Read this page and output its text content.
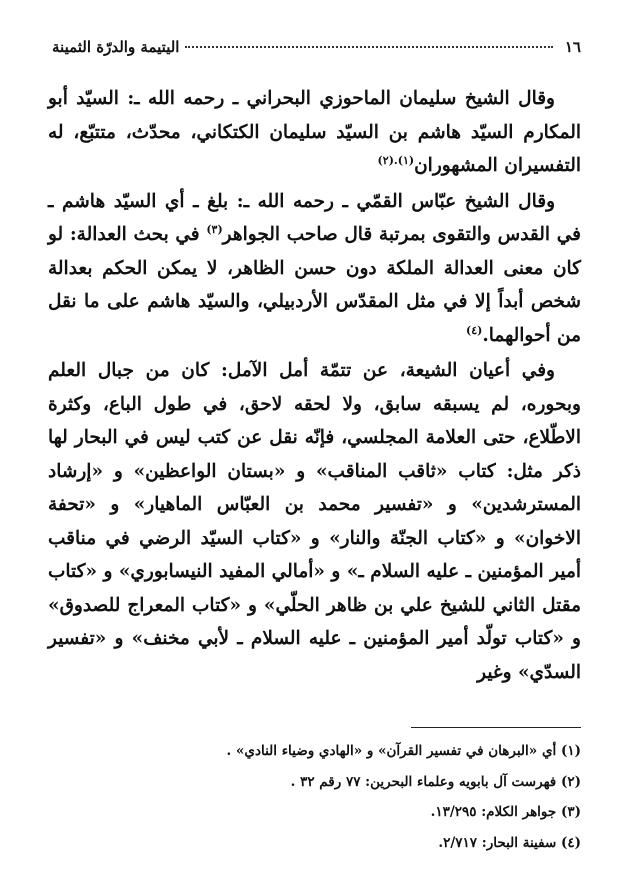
١٦
اليتيمة والدرّة الثمينة

وقال الشيخ سليمان الماحوزي البحراني ـ رحمه الله ـ: السيّد أبو المكارم السيّد هاشم بن السيّد سليمان الكتكاني، محدّث، متتبّع، له التفسيران المشهوران$^{(١).(٢)}$

وقال الشيخ عبّاس القمّي ـ رحمه الله ـ: بلغ ـ أي السيّد هاشم ـ في القدس والتقوى بمرتبة قال صاحب الجواهر$^{(٣)}$ في بحث العدالة: لو كان معنى العدالة الملكة دون حسن الظاهر، لا يمكن الحكم بعدالة شخص أبداً إلا في مثل المقدّس الأردبيلي، والسيّد هاشم على ما نقل من أحوالهما.$^{(٤)}$

وفي أعيان الشيعة، عن تتمّة أمل الآمل: كان من جبال العلم وبحوره، لم يسبقه سابق، ولا لحقه لاحق، في طول الباع، وكثرة الاطّلاع، حتى العلامة المجلسي، فإنّه نقل عن كتب ليس في البحار لها ذكر مثل: كتاب «ثاقب المناقب» و «بستان الواعظين» و «إرشاد المسترشدين» و «تفسير محمد بن العبّاس الماهيار» و «تحفة الاخوان» و «كتاب الجنّة والنار» و «كتاب السيّد الرضي في مناقب أمير المؤمنين ـ عليه السلام ـ» و «أمالي المفيد النيسابوري» و «كتاب مقتل الثاني للشيخ علي بن ظاهر الحلّي» و «كتاب المعراج للصدوق» و «كتاب تولّد أمير المؤمنين ـ عليه السلام ـ لأبي مخنف» و «تفسير السدّي» وغير

(١) أي «البرهان في تفسير القرآن» و «الهادي وضياء النادي» .
(٢) فهرست آل بابويه وعلماء البحرين: ٧٧ رقم ٣٢ .
(٣) جواهر الكلام: ١٣/٢٩٥.
(٤) سفينة البحار: ٢/٧١٧.
